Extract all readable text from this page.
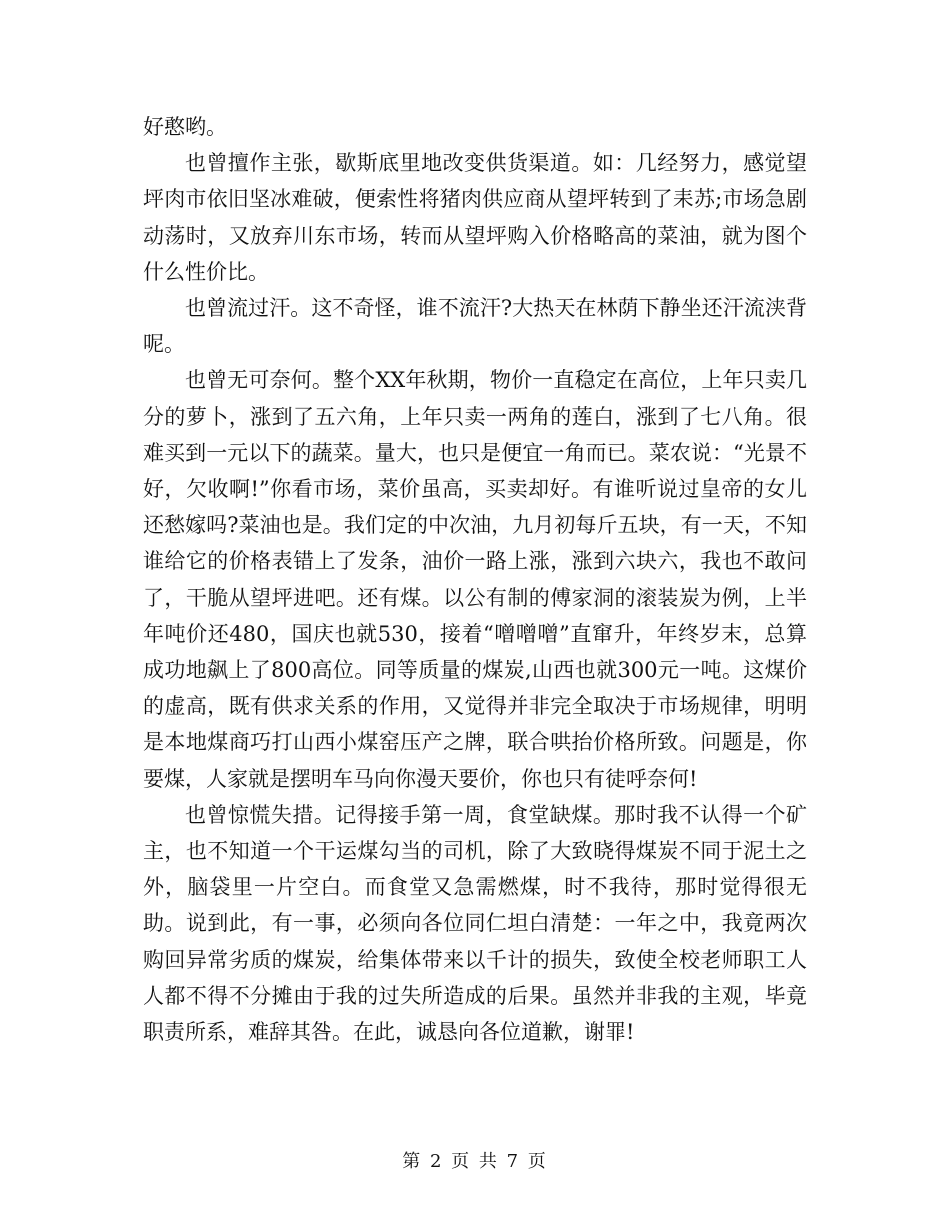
好憨哟。

也曾擅作主张，歇斯底里地改变供货渠道。如：几经努力，感觉望坪肉市依旧坚冰难破，便索性将猪肉供应商从望坪转到了耒苏;市场急剧动荡时，又放弃川东市场，转而从望坪购入价格略高的菜油，就为图个什么性价比。

也曾流过汗。这不奇怪，谁不流汗?大热天在林荫下静坐还汗流浃背呢。

也曾无可奈何。整个XX年秋期，物价一直稳定在高位，上年只卖几分的萝卜，涨到了五六角，上年只卖一两角的莲白，涨到了七八角。很难买到一元以下的蔬菜。量大，也只是便宜一角而已。菜农说：“光景不好，欠收啊!”你看市场，菜价虽高，买卖却好。有谁听说过皇帝的女儿还愁嫁吗?菜油也是。我们定的中次油，九月初每斤五块，有一天，不知谁给它的价格表错上了发条，油价一路上涨，涨到六块六，我也不敢问了，干脆从望坪进吧。还有煤。以公有制的傅家洞的滚装炭为例，上半年吨价还480，国庆也就530，接着“噌噌噌”直窜升，年终岁末，总算成功地飙上了800高位。同等质量的煤炭,山西也就300元一吨。这煤价的虚高，既有供求关系的作用，又觉得并非完全取决于市场规律，明明是本地煤商巧打山西小煤窑压产之牌，联合哄抬价格所致。问题是，你要煤，人家就是摆明车马向你漫天要价，你也只有徒呼奈何!

也曾惊慌失措。记得接手第一周，食堂缺煤。那时我不认得一个矿主，也不知道一个干运煤勾当的司机，除了大致晓得煤炭不同于泥土之外，脑袋里一片空白。而食堂又急需燃煤，时不我待，那时觉得很无助。说到此，有一事，必须向各位同仁坦白清楚：一年之中，我竟两次购回异常劣质的煤炭，给集体带来以千计的损失，致使全校老师职工人人都不得不分摊由于我的过失所造成的后果。虽然并非我的主观，毕竟职责所系，难辞其咎。在此，诚恳向各位道歉，谢罪!

第 2 页 共 7 页
